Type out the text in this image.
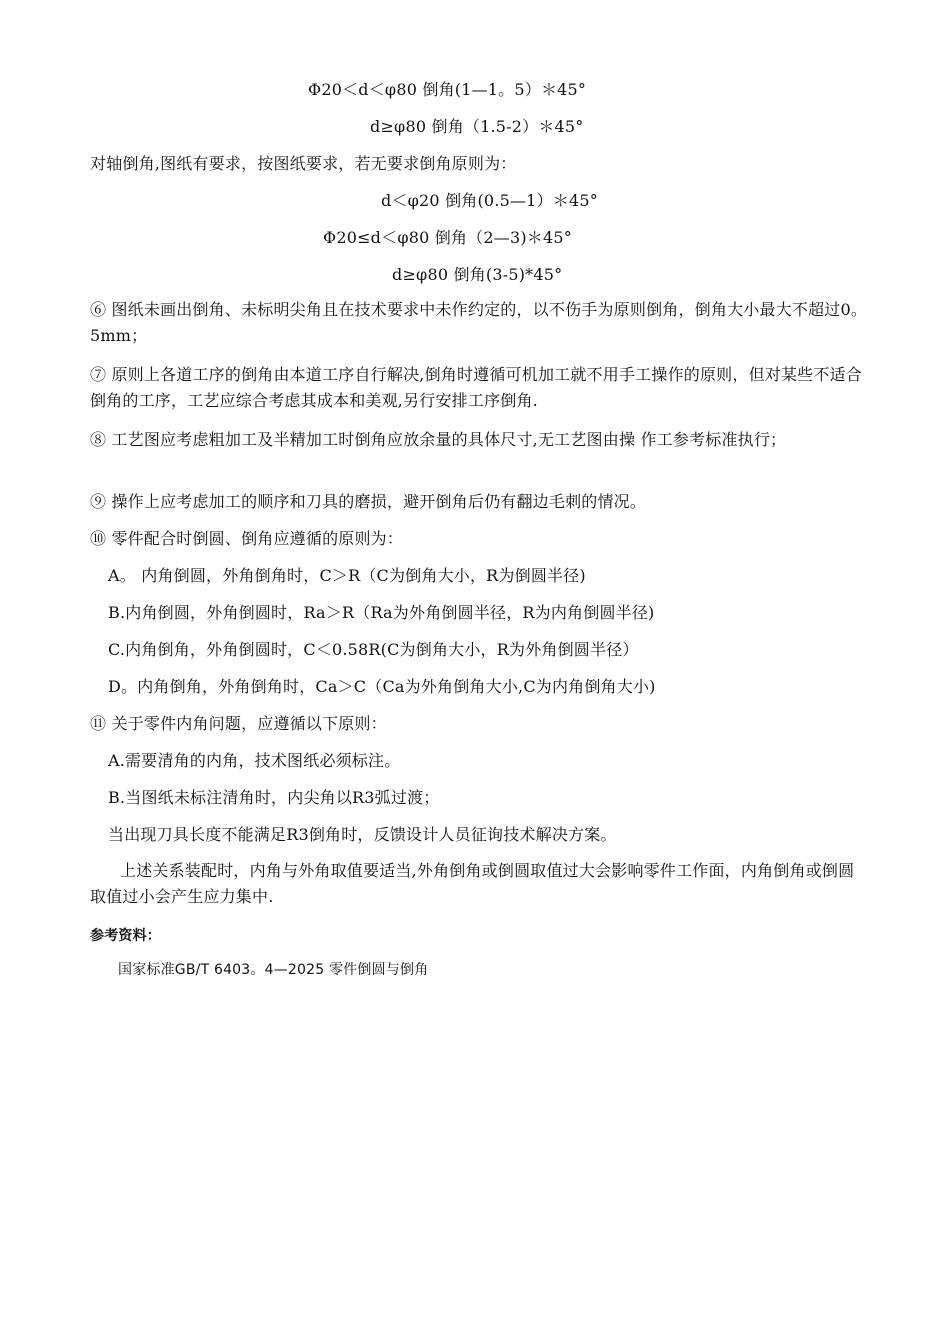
Φ20＜d＜φ80 倒角(1—1。5）＊45°
d≥φ80 倒角（1.5-2）＊45°
对轴倒角,图纸有要求，按图纸要求，若无要求倒角原则为：
d＜φ20 倒角(0.5—1）＊45°
Φ20≤d＜φ80 倒角（2—3)＊45°
d≥φ80 倒角(3-5)*45°
⑥ 图纸未画出倒角、未标明尖角且在技术要求中未作约定的，以不伤手为原则倒角，倒角大小最大不超过0。5mm；
⑦ 原则上各道工序的倒角由本道工序自行解决,倒角时遵循可机加工就不用手工操作的原则，但对某些不适合倒角的工序，工艺应综合考虑其成本和美观,另行安排工序倒角.
⑧ 工艺图应考虑粗加工及半精加工时倒角应放余量的具体尺寸,无工艺图由操 作工参考标准执行；
⑨ 操作上应考虑加工的顺序和刀具的磨损，避开倒角后仍有翻边毛刺的情况。
⑩ 零件配合时倒圆、倒角应遵循的原则为：
A。 内角倒圆，外角倒角时，C＞R（C为倒角大小，R为倒圆半径)
B.内角倒圆，外角倒圆时，Ra＞R（Ra为外角倒圆半径，R为内角倒圆半径)
C.内角倒角，外角倒圆时，C＜0.58R(C为倒角大小，R为外角倒圆半径）
D。内角倒角，外角倒角时，Ca＞C（Ca为外角倒角大小,C为内角倒角大小)
⑪ 关于零件内角问题，应遵循以下原则：
A.需要清角的内角，技术图纸必须标注。
B.当图纸未标注清角时，内尖角以R3弧过渡；
当出现刀具长度不能满足R3倒角时，反馈设计人员征询技术解决方案。
上述关系装配时，内角与外角取值要适当,外角倒角或倒圆取值过大会影响零件工作面，内角倒角或倒圆取值过小会产生应力集中.
参考资料：
国家标准GB/T 6403。4—2025 零件倒圆与倒角
